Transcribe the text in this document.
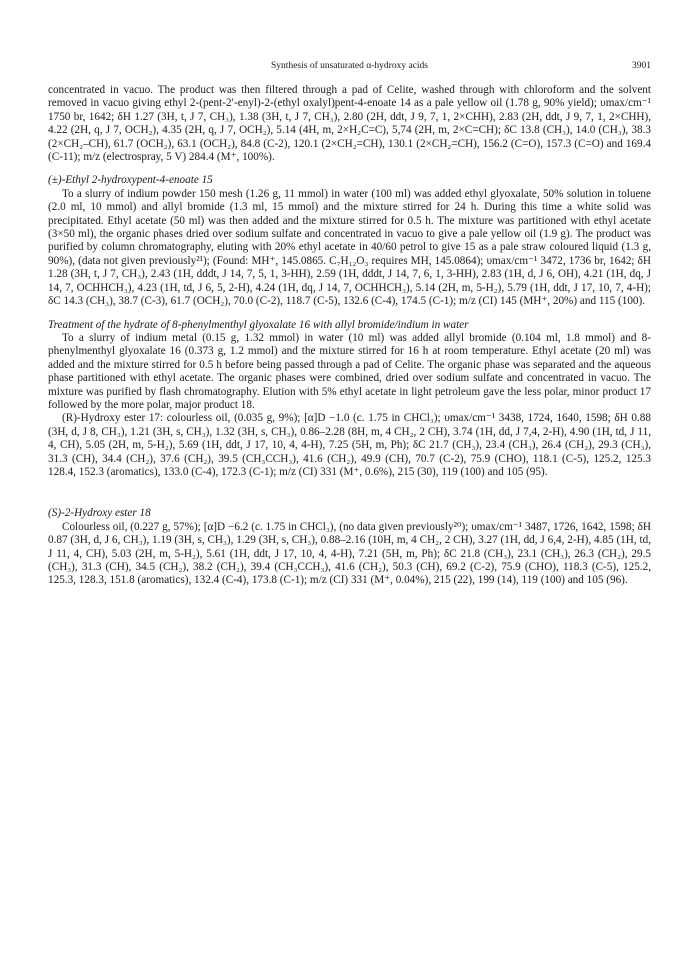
Synthesis of unsaturated α-hydroxy acids	3901

concentrated in vacuo. The product was then filtered through a pad of Celite, washed through with chloroform and the solvent removed in vacuo giving ethyl 2-(pent-2′-enyl)-2-(ethyl oxalyl)pent-4-enoate 14 as a pale yellow oil (1.78 g, 90% yield); υmax/cm⁻¹ 1750 br, 1642; δH 1.27 (3H, t, J 7, CH₃), 1.38 (3H, t, J 7, CH₃), 2.80 (2H, ddt, J 9, 7, 1, 2×CHH), 2.83 (2H, ddt, J 9, 7, 1, 2×CHH), 4.22 (2H, q, J 7, OCH₂), 4.35 (2H, q, J 7, OCH₂), 5.14 (4H, m, 2×H₂C=C), 5,74 (2H, m, 2×C=CH); δC 13.8 (CH₃), 14.0 (CH₃), 38.3 (2×CH₂–CH), 61.7 (OCH₂), 63.1 (OCH₂), 84.8 (C-2), 120.1 (2×CH₂=CH), 130.1 (2×CH₂=CH), 156.2 (C=O), 157.3 (C=O) and 169.4 (C-11); m/z (electrospray, 5 V) 284.4 (M⁺, 100%).

(±)-Ethyl 2-hydroxypent-4-enoate 15

To a slurry of indium powder 150 mesh (1.26 g, 11 mmol) in water (100 ml) was added ethyl glyoxalate, 50% solution in toluene (2.0 ml, 10 mmol) and allyl bromide (1.3 ml, 15 mmol) and the mixture stirred for 24 h. During this time a white solid was precipitated. Ethyl acetate (50 ml) was then added and the mixture stirred for 0.5 h. The mixture was partitioned with ethyl acetate (3×50 ml), the organic phases dried over sodium sulfate and concentrated in vacuo to give a pale yellow oil (1.9 g). The product was purified by column chromatography, eluting with 20% ethyl acetate in 40/60 petrol to give 15 as a pale straw coloured liquid (1.3 g, 90%), (data not given previously²¹); (Found: MH⁺, 145.0865. C₇H₁₂O₃ requires MH, 145.0864); υmax/cm⁻¹ 3472, 1736 br, 1642; δH 1.28 (3H, t, J 7, CH₃), 2.43 (1H, dddt, J 14, 7, 5, 1, 3-HH), 2.59 (1H, dddt, J 14, 7, 6, 1, 3-HH), 2.83 (1H, d, J 6, OH), 4.21 (1H, dq, J 14, 7, OCHHCH₃), 4.23 (1H, td, J 6, 5, 2-H), 4.24 (1H, dq, J 14, 7, OCHHCH₃), 5.14 (2H, m, 5-H₂), 5.79 (1H, ddt, J 17, 10, 7, 4-H); δC 14.3 (CH₃), 38.7 (C-3), 61.7 (OCH₂), 70.0 (C-2), 118.7 (C-5), 132.6 (C-4), 174.5 (C-1); m/z (CI) 145 (MH⁺, 20%) and 115 (100).

Treatment of the hydrate of 8-phenylmenthyl glyoxalate 16 with allyl bromide/indium in water

To a slurry of indium metal (0.15 g, 1.32 mmol) in water (10 ml) was added allyl bromide (0.104 ml, 1.8 mmol) and 8-phenylmenthyl glyoxalate 16 (0.373 g, 1.2 mmol) and the mixture stirred for 16 h at room temperature. Ethyl acetate (20 ml) was added and the mixture stirred for 0.5 h before being passed through a pad of Celite. The organic phase was separated and the aqueous phase partitioned with ethyl acetate. The organic phases were combined, dried over sodium sulfate and concentrated in vacuo. The mixture was purified by flash chromatography. Elution with 5% ethyl acetate in light petroleum gave the less polar, minor product 17 followed by the more polar, major product 18.

(R)-Hydroxy ester 17: colourless oil, (0.035 g, 9%); [α]D −1.0 (c. 1.75 in CHCl₃); υmax/cm⁻¹ 3438, 1724, 1640, 1598; δH 0.88 (3H, d, J 8, CH₃), 1.21 (3H, s, CH₃), 1.32 (3H, s, CH₃), 0.86–2.28 (8H, m, 4 CH₂, 2 CH), 3.74 (1H, dd, J 7,4, 2-H), 4.90 (1H, td, J 11, 4, CH), 5.05 (2H, m, 5-H₂), 5.69 (1H, ddt, J 17, 10, 4, 4-H), 7.25 (5H, m, Ph); δC 21.7 (CH₃), 23.4 (CH₃), 26.4 (CH₂), 29.3 (CH₃), 31.3 (CH), 34.4 (CH₂), 37.6 (CH₂), 39.5 (CH₃CCH₃), 41.6 (CH₂), 49.9 (CH), 70.7 (C-2), 75.9 (CHO), 118.1 (C-5), 125.2, 125.3 128.4, 152.3 (aromatics), 133.0 (C-4), 172.3 (C-1); m/z (CI) 331 (M⁺, 0.6%), 215 (30), 119 (100) and 105 (95).

(S)-2-Hydroxy ester 18

Colourless oil, (0.227 g, 57%); [α]D −6.2 (c. 1.75 in CHCl₃), (no data given previously²⁰); υmax/cm⁻¹ 3487, 1726, 1642, 1598; δH 0.87 (3H, d, J 6, CH₃), 1.19 (3H, s, CH₃), 1.29 (3H, s, CH₃), 0.88–2.16 (10H, m, 4 CH₂, 2 CH), 3.27 (1H, dd, J 6,4, 2-H), 4.85 (1H, td, J 11, 4, CH), 5.03 (2H, m, 5-H₂), 5.61 (1H, ddt, J 17, 10, 4, 4-H), 7.21 (5H, m, Ph); δC 21.8 (CH₃), 23.1 (CH₃), 26.3 (CH₂), 29.5 (CH₃), 31.3 (CH), 34.5 (CH₂), 38.2 (CH₂), 39.4 (CH₃CCH₃), 41.6 (CH₂), 50.3 (CH), 69.2 (C-2), 75.9 (CHO), 118.3 (C-5), 125.2, 125.3, 128.3, 151.8 (aromatics), 132.4 (C-4), 173.8 (C-1); m/z (CI) 331 (M⁺, 0.04%), 215 (22), 199 (14), 119 (100) and 105 (96).
